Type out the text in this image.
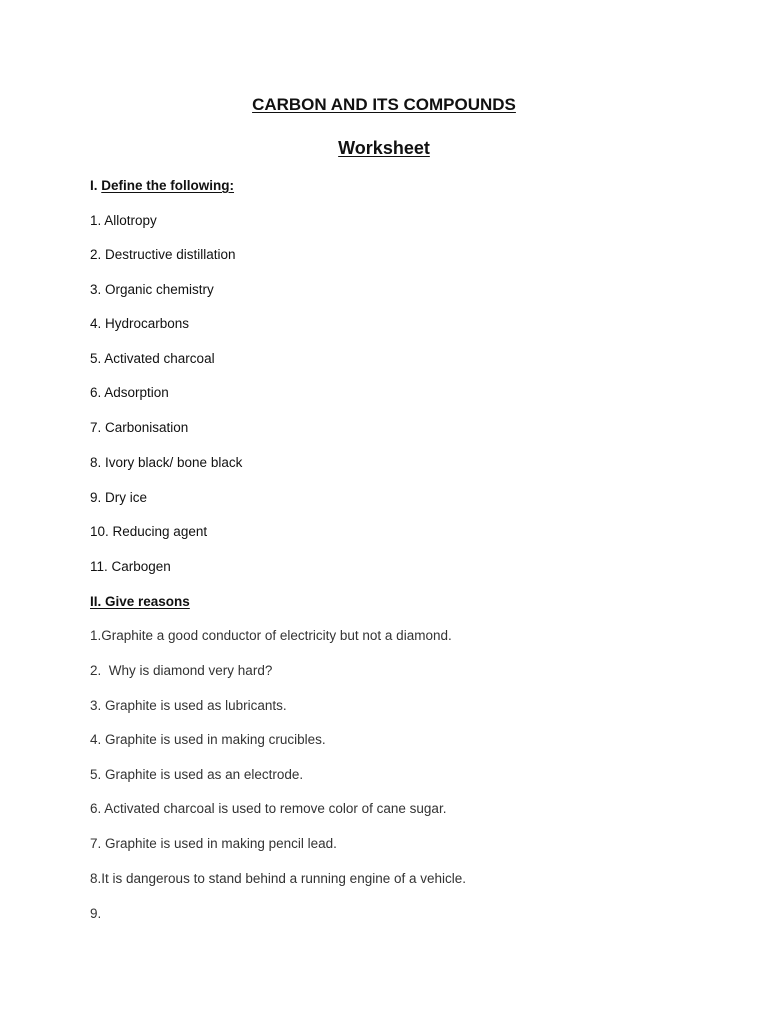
CARBON AND ITS COMPOUNDS
Worksheet

I. Define the following:

1. Allotropy

2. Destructive distillation

3. Organic chemistry

4. Hydrocarbons

5. Activated charcoal

6. Adsorption

7. Carbonisation

8. Ivory black/ bone black

9. Dry ice

10. Reducing agent

11. Carbogen

II. Give reasons

1.Graphite a good conductor of electricity but not a diamond.

2.  Why is diamond very hard?

3. Graphite is used as lubricants.

4. Graphite is used in making crucibles.

5. Graphite is used as an electrode.

6. Activated charcoal is used to remove color of cane sugar.

7. Graphite is used in making pencil lead.

8.It is dangerous to stand behind a running engine of a vehicle.

9.
